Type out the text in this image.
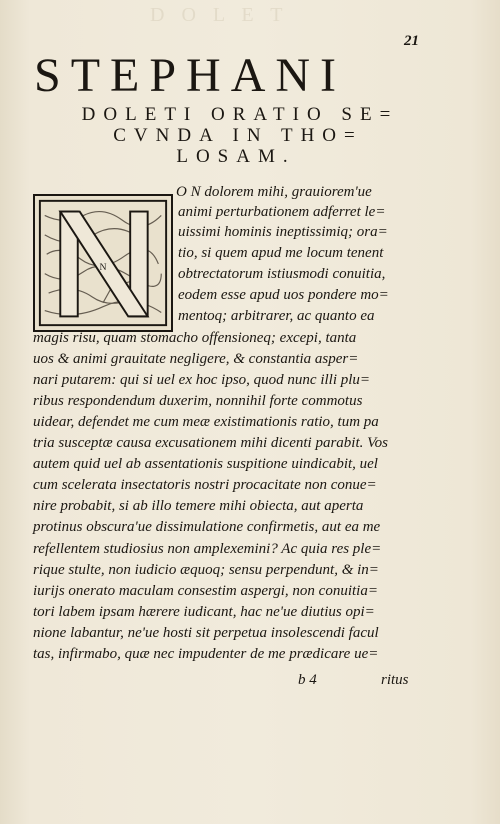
D O L E T
21
STEPHANI
DOLETI ORATIO SE=
CVNDA IN THO=
LOSAM.
N
O N dolorem mihi, grauiorem'ue
animi perturbationem adferret le=
uissimi hominis ineptissimiq; ora=
tio, si quem apud me locum tenent
obtrectatorum istiusmodi conuitia,
eodem esse apud uos pondere mo=
mentoq; arbitrarer, ac quanto ea
magis risu, quam stomacho offensioneq; excepi, tanta
uos & animi grauitate negligere, & constantia asper=
nari putarem: qui si uel ex hoc ipso, quod nunc illi plu=
ribus respondendum duxerim, nonnihil forte commotus
uidear, defendet me cum meæ existimationis ratio, tum pa
tria susceptæ causa excusationem mihi dicenti parabit. Vos
autem quid uel ab assentationis suspitione uindicabit, uel
cum scelerata insectatoris nostri procacitate non conue=
nire probabit, si ab illo temere mihi obiecta, aut aperta
protinus obscura'ue dissimulatione confirmetis, aut ea me
refellentem studiosius non amplexemini? Ac quia res ple=
rique stulte, non iudicio æquoq; sensu perpendunt, & in=
iurijs onerato maculam consestim aspergi, non conuitia=
tori labem ipsam hærere iudicant, hac ne'ue diutius opi=
nione labantur, ne'ue hosti sit perpetua insolescendi facul
tas, infirmabo, quæ nec impudenter de me prædicare ue=
b 4	ritus
